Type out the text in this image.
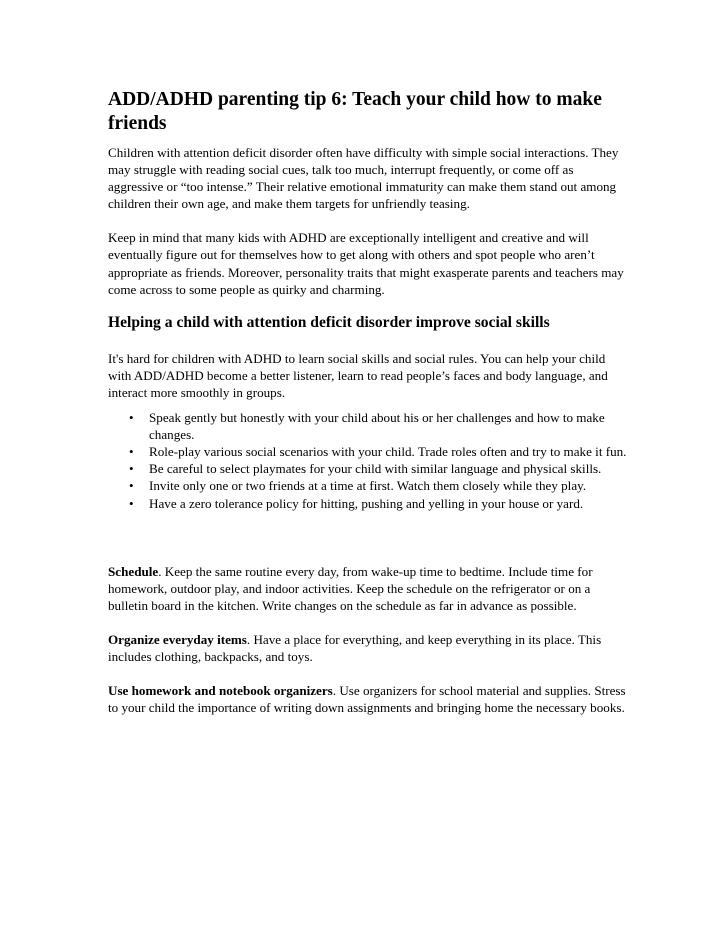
ADD/ADHD parenting tip 6: Teach your child how to make friends

Children with attention deficit disorder often have difficulty with simple social interactions. They may struggle with reading social cues, talk too much, interrupt frequently, or come off as aggressive or “too intense.” Their relative emotional immaturity can make them stand out among children their own age, and make them targets for unfriendly teasing.

Keep in mind that many kids with ADHD are exceptionally intelligent and creative and will eventually figure out for themselves how to get along with others and spot people who aren’t appropriate as friends. Moreover, personality traits that might exasperate parents and teachers may come across to some people as quirky and charming.

Helping a child with attention deficit disorder improve social skills

It's hard for children with ADHD to learn social skills and social rules. You can help your child with ADD/ADHD become a better listener, learn to read people’s faces and body language, and interact more smoothly in groups.

• Speak gently but honestly with your child about his or her challenges and how to make changes.
• Role-play various social scenarios with your child. Trade roles often and try to make it fun.
• Be careful to select playmates for your child with similar language and physical skills.
• Invite only one or two friends at a time at first. Watch them closely while they play.
• Have a zero tolerance policy for hitting, pushing and yelling in your house or yard.

Schedule. Keep the same routine every day, from wake-up time to bedtime. Include time for homework, outdoor play, and indoor activities. Keep the schedule on the refrigerator or on a bulletin board in the kitchen. Write changes on the schedule as far in advance as possible.

Organize everyday items. Have a place for everything, and keep everything in its place. This includes clothing, backpacks, and toys.

Use homework and notebook organizers. Use organizers for school material and supplies. Stress to your child the importance of writing down assignments and bringing home the necessary books.
